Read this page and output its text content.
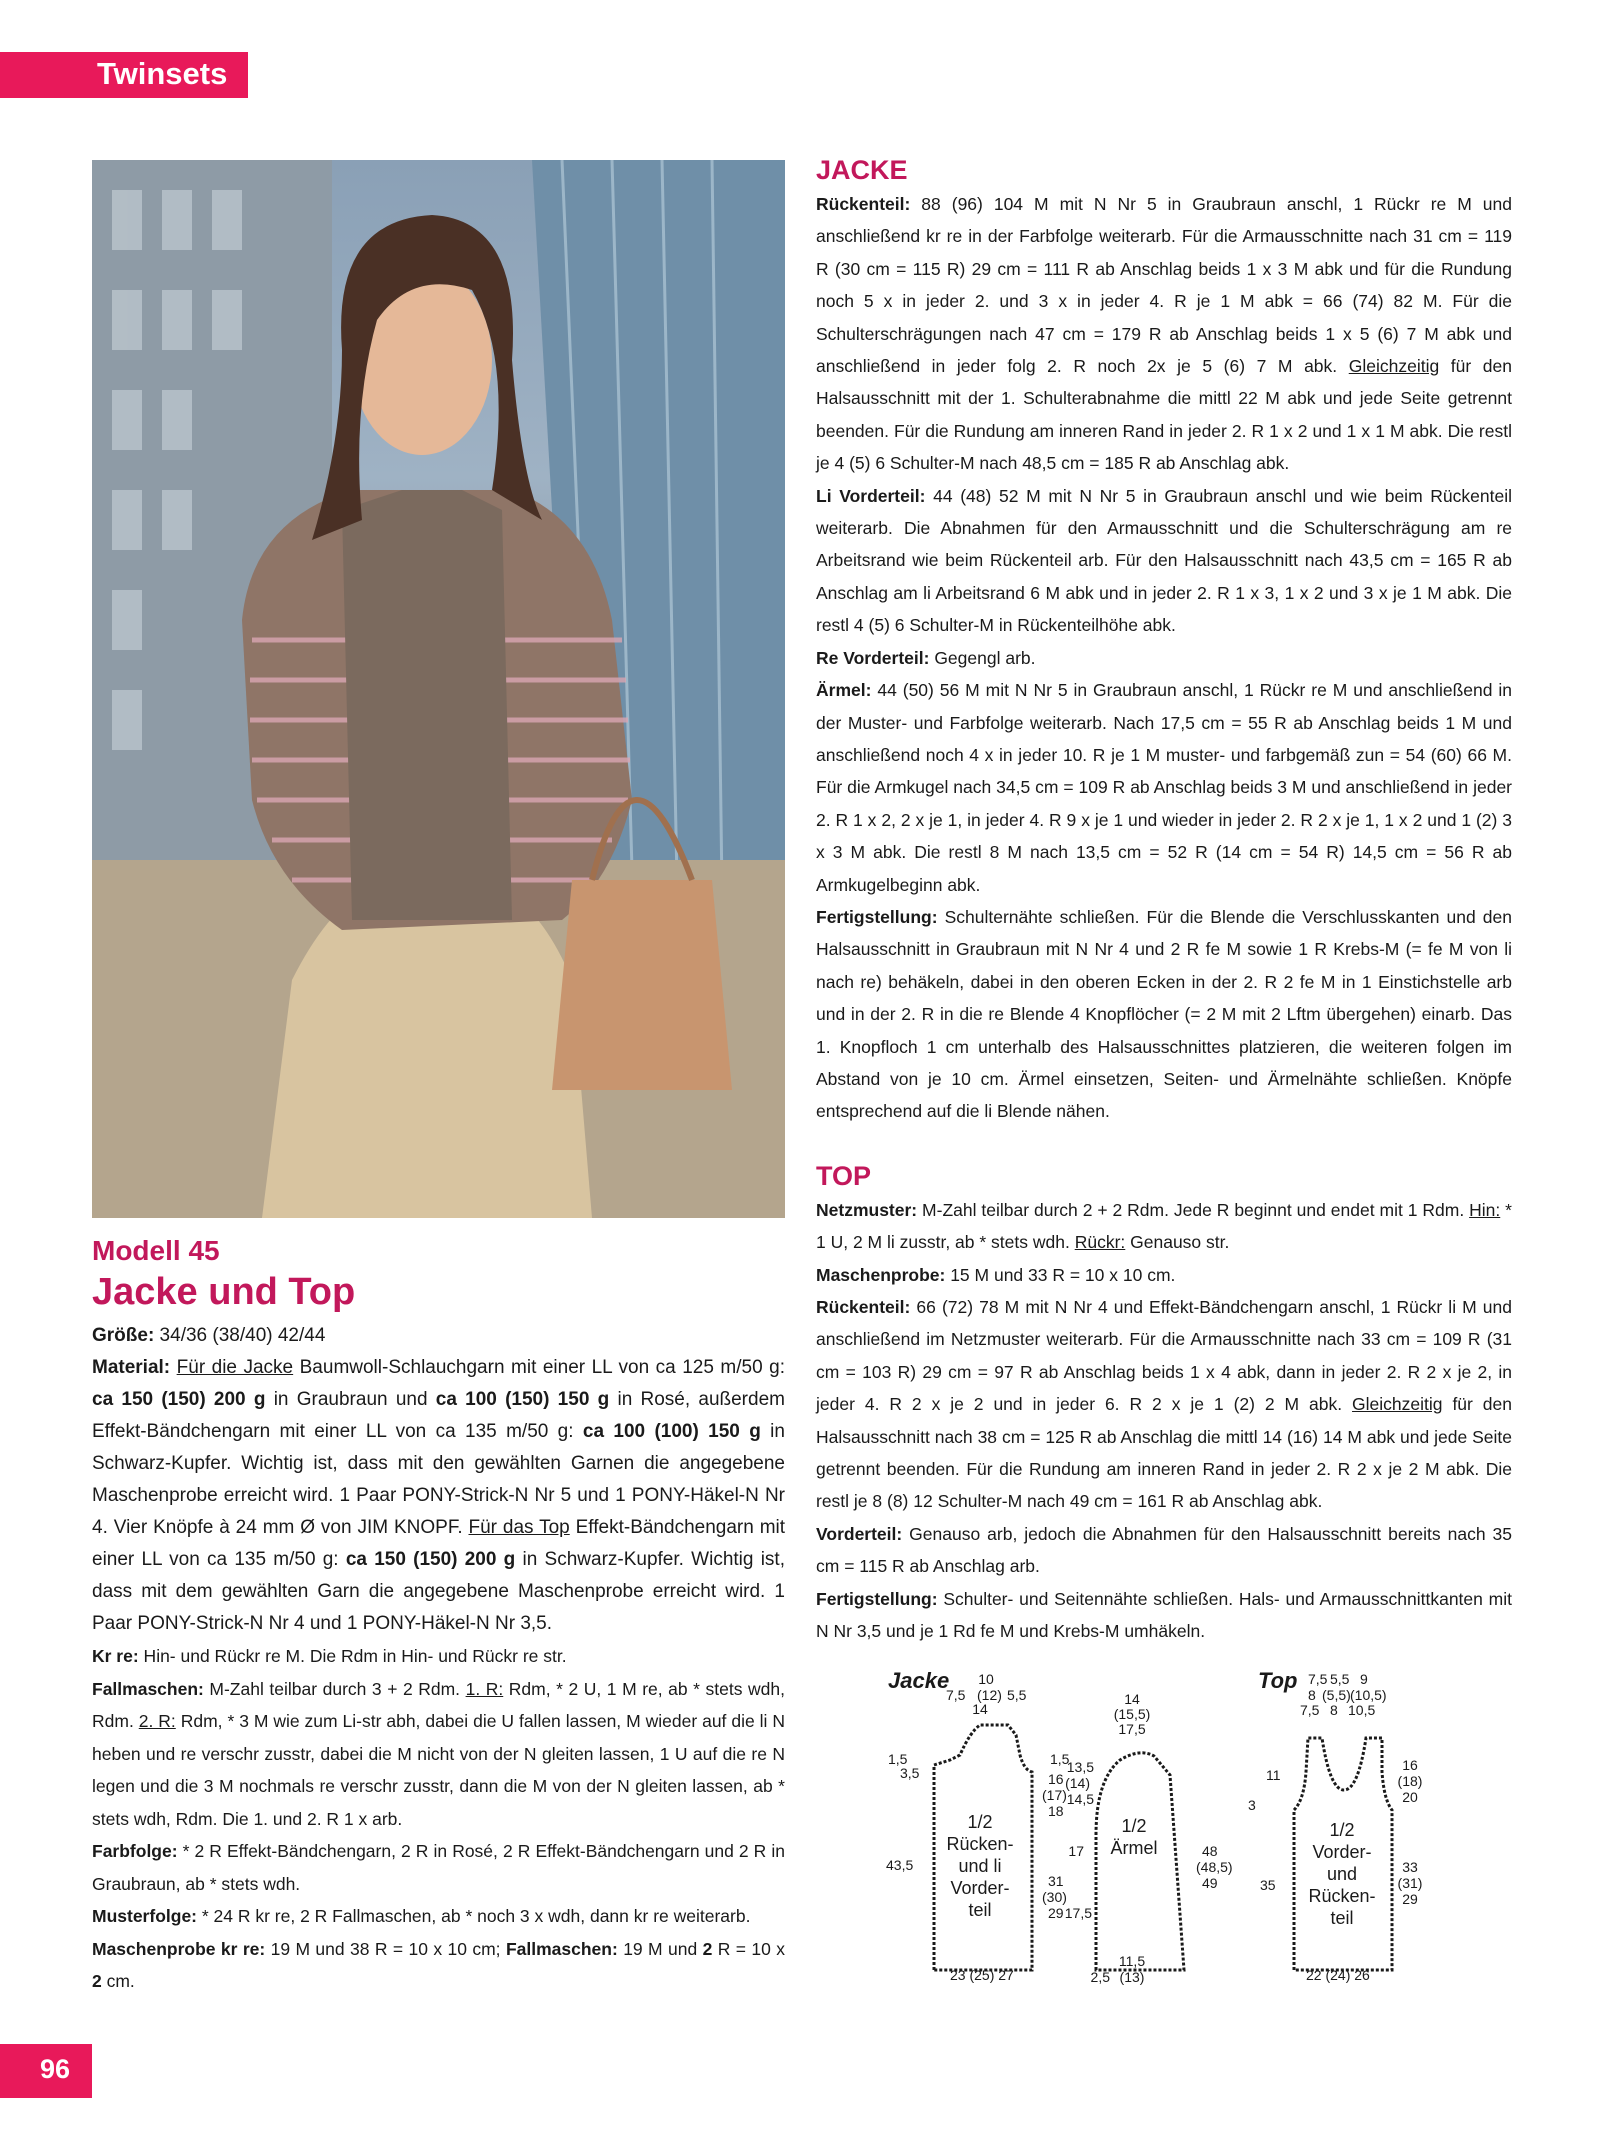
Twinsets
Modell 45
Jacke und Top

Größe: 34/36 (38/40) 42/44

Material: Für die Jacke Baumwoll-Schlauchgarn mit einer LL von ca 125 m/50 g: ca 150 (150) 200 g in Graubraun und ca 100 (150) 150 g in Rosé, außerdem Effekt-Bändchengarn mit einer LL von ca 135 m/50 g: ca 100 (100) 150 g in Schwarz-Kupfer. Wichtig ist, dass mit den gewählten Garnen die angegebene Maschenprobe erreicht wird. 1 Paar PONY-Strick-N Nr 5 und 1 PONY-Häkel-N Nr 4. Vier Knöpfe à 24 mm Ø von JIM KNOPF. Für das Top Effekt-Bändchengarn mit einer LL von ca 135 m/50 g: ca 150 (150) 200 g in Schwarz-Kupfer. Wichtig ist, dass mit dem gewählten Garn die angegebene Maschenprobe erreicht wird. 1 Paar PONY-Strick-N Nr 4 und 1 PONY-Häkel-N Nr 3,5.

Kr re: Hin- und Rückr re M. Die Rdm in Hin- und Rückr re str.

Fallmaschen: M-Zahl teilbar durch 3 + 2 Rdm. 1. R: Rdm, * 2 U, 1 M re, ab * stets wdh, Rdm. 2. R: Rdm, * 3 M wie zum Li-str abh, dabei die U fallen lassen, M wieder auf die li N heben und re verschr zusstr, dabei die M nicht von der N gleiten lassen, 1 U auf die re N legen und die 3 M nochmals re verschr zusstr, dann die M von der N gleiten lassen, ab * stets wdh, Rdm. Die 1. und 2. R 1 x arb.

Farbfolge: * 2 R Effekt-Bändchengarn, 2 R in Rosé, 2 R Effekt-Bändchengarn und 2 R in Graubraun, ab * stets wdh.

Musterfolge: * 24 R kr re, 2 R Fallmaschen, ab * noch 3 x wdh, dann kr re weiterarb.

Maschenprobe kr re: 19 M und 38 R = 10 x 10 cm; Fallmaschen: 19 M und 2 R = 10 x 2 cm.

JACKE

Rückenteil: 88 (96) 104 M mit N Nr 5 in Graubraun anschl, 1 Rückr re M und anschließend kr re in der Farbfolge weiterarb. Für die Armausschnitte nach 31 cm = 119 R (30 cm = 115 R) 29 cm = 111 R ab Anschlag beids 1 x 3 M abk und für die Rundung noch 5 x in jeder 2. und 3 x in jeder 4. R je 1 M abk = 66 (74) 82 M. Für die Schulterschrägungen nach 47 cm = 179 R ab Anschlag beids 1 x 5 (6) 7 M abk und anschließend in jeder folg 2. R noch 2x je 5 (6) 7 M abk. Gleichzeitig für den Halsausschnitt mit der 1. Schulterabnahme die mittl 22 M abk und jede Seite getrennt beenden. Für die Rundung am inneren Rand in jeder 2. R 1 x 2 und 1 x 1 M abk. Die restl je 4 (5) 6 Schulter-M nach 48,5 cm = 185 R ab Anschlag abk.

Li Vorderteil: 44 (48) 52 M mit N Nr 5 in Graubraun anschl und wie beim Rückenteil weiterarb. Die Abnahmen für den Armausschnitt und die Schulterschrägung am re Arbeitsrand wie beim Rückenteil arb. Für den Halsausschnitt nach 43,5 cm = 165 R ab Anschlag am li Arbeitsrand 6 M abk und in jeder 2. R 1 x 3, 1 x 2 und 3 x je 1 M abk. Die restl 4 (5) 6 Schulter-M in Rückenteilhöhe abk.

Re Vorderteil: Gegengl arb.

Ärmel: 44 (50) 56 M mit N Nr 5 in Graubraun anschl, 1 Rückr re M und anschließend in der Muster- und Farbfolge weiterarb. Nach 17,5 cm = 55 R ab Anschlag beids 1 M und anschließend noch 4 x in jeder 10. R je 1 M muster- und farbgemäß zun = 54 (60) 66 M. Für die Armkugel nach 34,5 cm = 109 R ab Anschlag beids 3 M und anschließend in jeder 2. R 1 x 2, 2 x je 1, in jeder 4. R 9 x je 1 und wieder in jeder 2. R 2 x je 1, 1 x 2 und 1 (2) 3 x 3 M abk. Die restl 8 M nach 13,5 cm = 52 R (14 cm = 54 R) 14,5 cm = 56 R ab Armkugelbeginn abk.

Fertigstellung: Schulternähte schließen. Für die Blende die Verschlusskanten und den Halsausschnitt in Graubraun mit N Nr 4 und 2 R fe M sowie 1 R Krebs-M (= fe M von li nach re) behäkeln, dabei in den oberen Ecken in der 2. R 2 fe M in 1 Einstichstelle arb und in der 2. R in die re Blende 4 Knopflöcher (= 2 M mit 2 Lftm übergehen) einarb. Das 1. Knopfloch 1 cm unterhalb des Halsausschnittes platzieren, die weiteren folgen im Abstand von je 10 cm. Ärmel einsetzen, Seiten- und Ärmelnähte schließen. Knöpfe entsprechend auf die li Blende nähen.

TOP

Netzmuster: M-Zahl teilbar durch 2 + 2 Rdm. Jede R beginnt und endet mit 1 Rdm. Hin: * 1 U, 2 M li zusstr, ab * stets wdh. Rückr: Genauso str.

Maschenprobe: 15 M und 33 R = 10 x 10 cm.

Rückenteil: 66 (72) 78 M mit N Nr 4 und Effekt-Bändchengarn anschl, 1 Rückr li M und anschließend im Netzmuster weiterarb. Für die Armausschnitte nach 33 cm = 109 R (31 cm = 103 R) 29 cm = 97 R ab Anschlag beids 1 x 4 abk, dann in jeder 2. R 2 x je 2, in jeder 4. R 2 x je 2 und in jeder 6. R 2 x je 1 (2) 2 M abk. Gleichzeitig für den Halsausschnitt nach 38 cm = 125 R ab Anschlag die mittl 14 (16) 14 M abk und jede Seite getrennt beenden. Für die Rundung am inneren Rand in jeder 2. R 2 x je 2 M abk. Die restl je 8 (8) 12 Schulter-M nach 49 cm = 161 R ab Anschlag abk.

Vorderteil: Genauso arb, jedoch die Abnahmen für den Halsausschnitt bereits nach 35 cm = 115 R ab Anschlag arb.

Fertigstellung: Schulter- und Seitennähte schließen. Hals- und Armausschnittkanten mit N Nr 3,5 und je 1 Rd fe M und Krebs-M umhäkeln.

Jacke
1/2
Rücken-
und li
Vorder-
teil
10
7,5 (12) 5,5
14
1,5
3,5
43,5
1,5
16
(17)
18
31
(30)
29
23 (25) 27
1/2
Ärmel
14
(15,5)
17,5
13,5
(14)
14,5
17
17,5
48
(48,5)
49
11,5
2,5 (13)
Top
1/2
Vorder-
und
Rücken-
teil
7,5 5,5 9
8 (5,5) (10,5)
7,5 8 10,5
11
3
35
16
(18)
20
33
(31)
29
22 (24) 26
96
